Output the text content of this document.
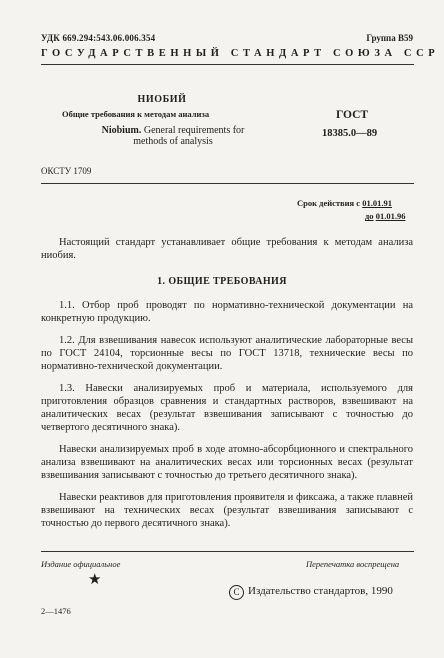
УДК 669.294:543.06.006.354	Группа В59
ГОСУДАРСТВЕННЫЙ СТАНДАРТ СОЮЗА ССР
НИОБИЙ
Общие требования к методам анализа
Niobium. General requirements for methods of analysis
ГОСТ
18385.0—89
ОКСТУ 1709
Срок действия с 01.01.91
до 01.01.96

Настоящий стандарт устанавливает общие требования к методам анализа ниобия.

1. ОБЩИЕ ТРЕБОВАНИЯ

1.1. Отбор проб проводят по нормативно-технической документации на конкретную продукцию.

1.2. Для взвешивания навесок используют аналитические лабораторные весы по ГОСТ 24104, торсионные весы по ГОСТ 13718, технические весы по нормативно-технической документации.

1.3. Навески анализируемых проб и материала, используемого для приготовления образцов сравнения и стандартных растворов, взвешивают на аналитических весах (результат взвешивания записывают с точностью до четвертого десятичного знака).

Навески анализируемых проб в ходе атомно-абсорбционного и спектрального анализа взвешивают на аналитических весах или торсионных весах (результат взвешивания записывают с точностью до третьего десятичного знака).

Навески реактивов для приготовления проявителя и фиксажа, а также плавней взвешивают на технических весах (результат взвешивания записывают с точностью до первого десятичного знака).

Издание официальное	Перепечатка воспрещена
★
C Издательство стандартов, 1990
2—1476
